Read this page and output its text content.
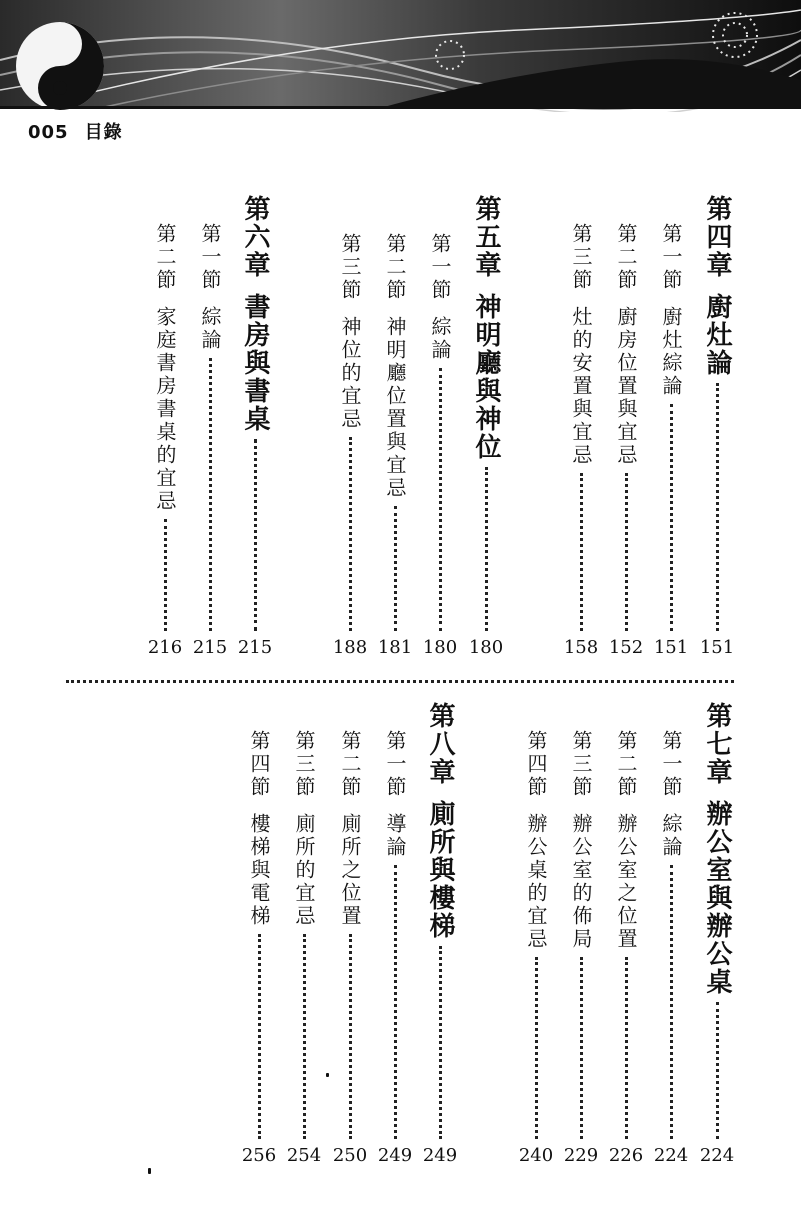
005 目錄
第四章
廚灶論
151
第一節
廚灶綜論
151
第二節
廚房位置與宜忌
152
第三節
灶的安置與宜忌
158
第五章
神明廳與神位
180
第一節
綜論
180
第二節
神明廳位置與宜忌
181
第三節
神位的宜忌
188
第六章
書房與書桌
215
第一節
綜論
215
第二節
家庭書房書桌的宜忌
216
第七章
辦公室與辦公桌
224
第一節
綜論
224
第二節
辦公室之位置
226
第三節
辦公室的佈局
229
第四節
辦公桌的宜忌
240
第八章
廁所與樓梯
249
第一節
導論
249
第二節
廁所之位置
250
第三節
廁所的宜忌
254
第四節
樓梯與電梯
256
